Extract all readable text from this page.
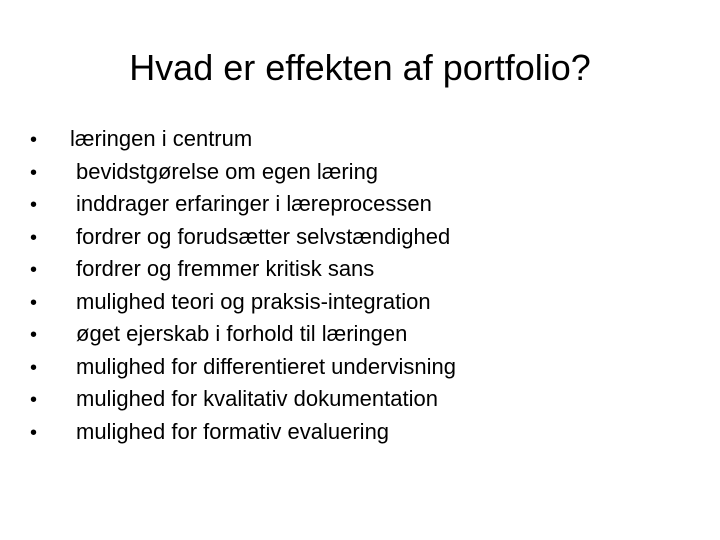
Hvad er effekten af portfolio?
•	læringen i centrum
•	bevidstgørelse om egen læring
•	inddrager erfaringer i læreprocessen
•	fordrer og forudsætter selvstændighed
•	fordrer og fremmer kritisk sans
•	mulighed teori og praksis-integration
•	øget ejerskab i forhold til læringen
•	mulighed for differentieret undervisning
•	mulighed for kvalitativ dokumentation
•	mulighed for formativ evaluering
